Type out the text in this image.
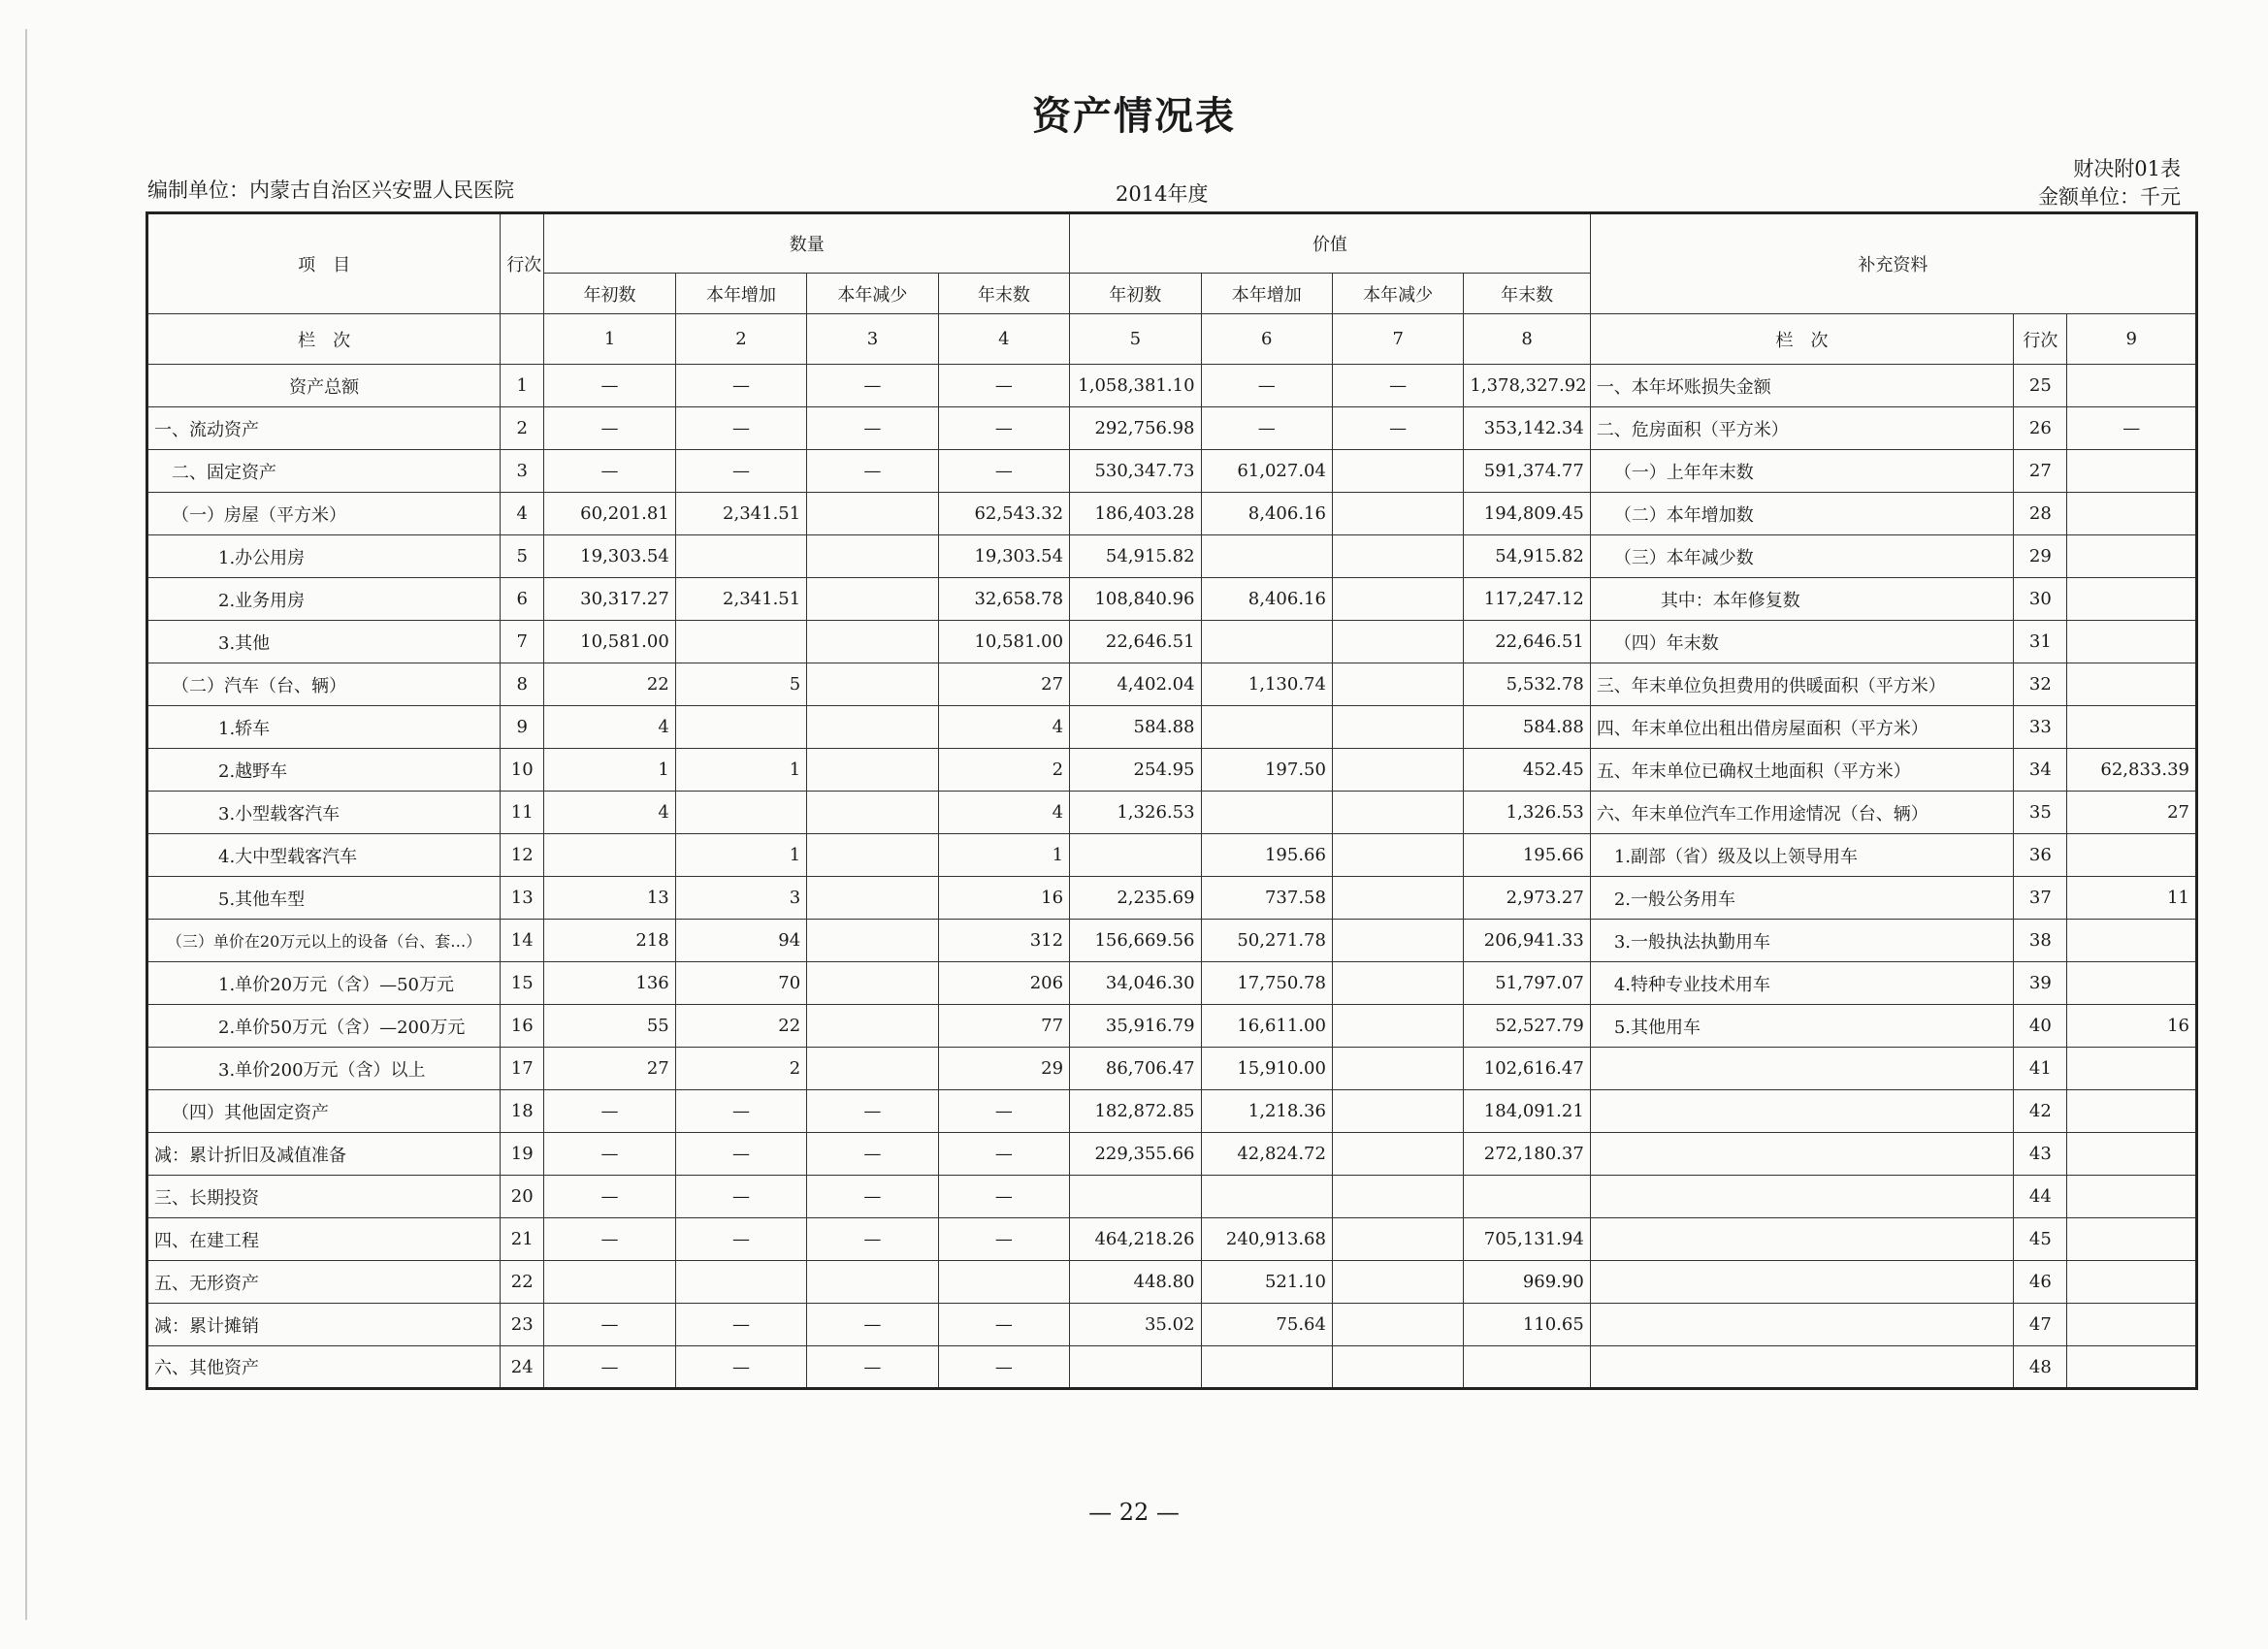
资产情况表
编制单位：内蒙古自治区兴安盟人民医院	2014年度
财决附01表
金额单位：千元
项　目	行次	数量				价值				补充资料		
		年初数	本年增加	本年减少	年末数	年初数	本年增加	本年减少	年末数			
栏　次		1	2	3	4	5	6	7	8	栏　次	行次	9
资产总额	1	—	—	—	—	1,058,381.10	—	—	1,378,327.92	一、本年坏账损失金额	25	
一、流动资产	2	—	—	—	—	292,756.98	—	—	353,142.34	二、危房面积（平方米）	26	—
二、固定资产	3	—	—	—	—	530,347.73	61,027.04		591,374.77	（一）上年年末数	27	
（一）房屋（平方米）	4	60,201.81	2,341.51		62,543.32	186,403.28	8,406.16		194,809.45	（二）本年增加数	28	
1.办公用房	5	19,303.54			19,303.54	54,915.82			54,915.82	（三）本年减少数	29	
2.业务用房	6	30,317.27	2,341.51		32,658.78	108,840.96	8,406.16		117,247.12	其中：本年修复数	30	
3.其他	7	10,581.00			10,581.00	22,646.51			22,646.51	（四）年末数	31	
（二）汽车（台、辆）	8	22	5		27	4,402.04	1,130.74		5,532.78	三、年末单位负担费用的供暖面积（平方米）	32	
1.轿车	9	4			4	584.88			584.88	四、年末单位出租出借房屋面积（平方米）	33	
2.越野车	10	1	1		2	254.95	197.50		452.45	五、年末单位已确权土地面积（平方米）	34	62,833.39
3.小型载客汽车	11	4			4	1,326.53			1,326.53	六、年末单位汽车工作用途情况（台、辆）	35	27
4.大中型载客汽车	12		1		1		195.66		195.66	1.副部（省）级及以上领导用车	36	
5.其他车型	13	13	3		16	2,235.69	737.58		2,973.27	2.一般公务用车	37	11
（三）单价在20万元以上的设备（台、套…）	14	218	94		312	156,669.56	50,271.78		206,941.33	3.一般执法执勤用车	38	
1.单价20万元（含）—50万元	15	136	70		206	34,046.30	17,750.78		51,797.07	4.特种专业技术用车	39	
2.单价50万元（含）—200万元	16	55	22		77	35,916.79	16,611.00		52,527.79	5.其他用车	40	16
3.单价200万元（含）以上	17	27	2		29	86,706.47	15,910.00		102,616.47		41	
（四）其他固定资产	18	—	—	—	—	182,872.85	1,218.36		184,091.21		42	
减：累计折旧及减值准备	19	—	—	—	—	229,355.66	42,824.72		272,180.37		43	
三、长期投资	20	—	—	—	—						44	
四、在建工程	21	—	—	—	—	464,218.26	240,913.68		705,131.94		45	
五、无形资产	22					448.80	521.10		969.90		46	
减：累计摊销	23	—	—	—	—	35.02	75.64		110.65		47	
六、其他资产	24	—	—	—	—						48	
— 22 —
